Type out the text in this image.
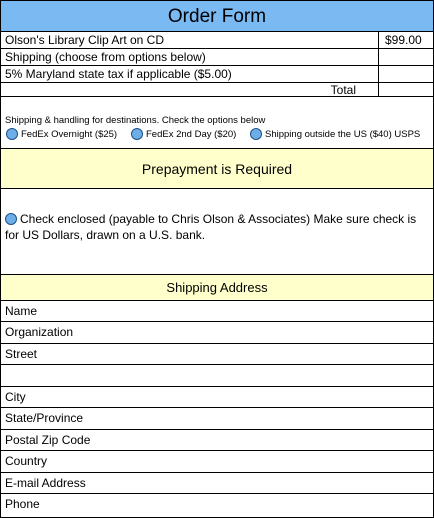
Order Form
Olson's Library Clip Art on CD	$99.00
Shipping (choose from options below)
5% Maryland state tax if applicable ($5.00)
Total
Shipping & handling for destinations. Check the options below
FedEx Overnight ($25)	FedEx 2nd Day ($20)	Shipping outside the US ($40) USPS
Prepayment is Required
Check enclosed (payable to Chris Olson & Associates) Make sure check is for US Dollars, drawn on a U.S. bank.
Shipping Address
Name
Organization
Street
City
State/Province
Postal Zip Code
Country
E-mail Address
Phone
